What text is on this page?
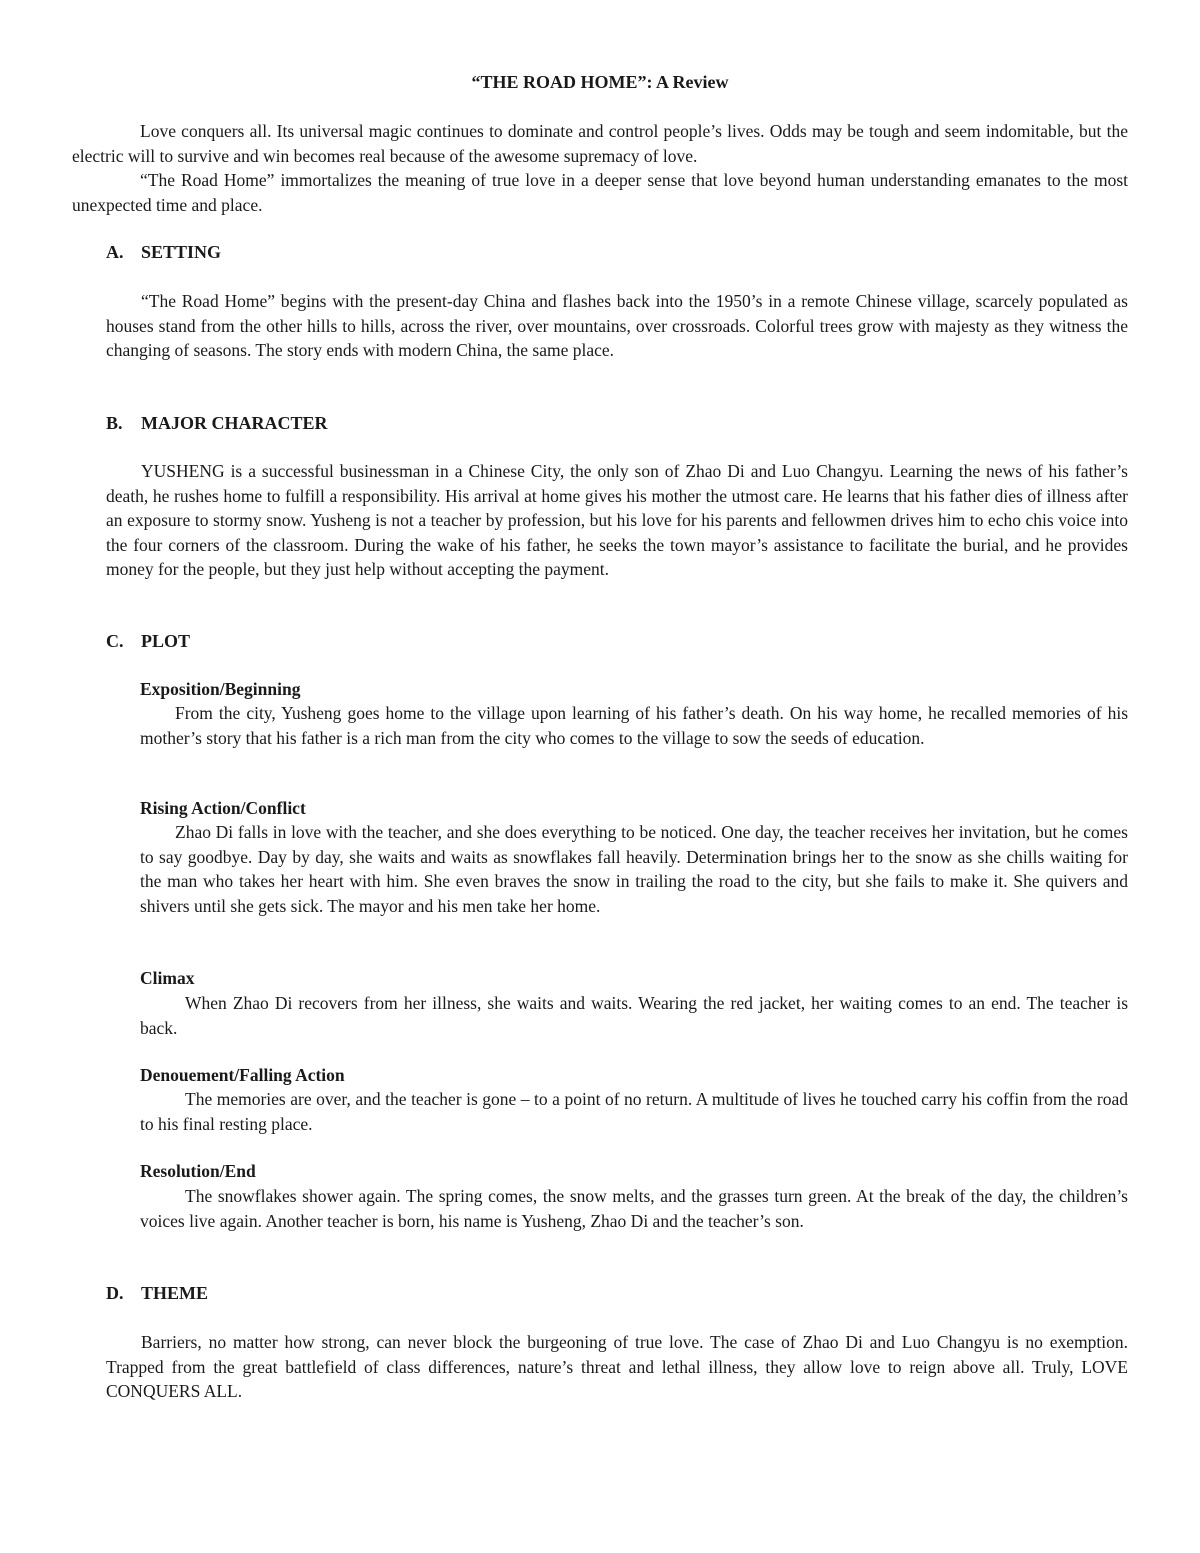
“THE ROAD HOME”: A Review

Love conquers all. Its universal magic continues to dominate and control people’s lives. Odds may be tough and seem indomitable, but the electric will to survive and win becomes real because of the awesome supremacy of love.

“The Road Home” immortalizes the meaning of true love in a deeper sense that love beyond human understanding emanates to the most unexpected time and place.

A. SETTING

“The Road Home” begins with the present-day China and flashes back into the 1950’s in a remote Chinese village, scarcely populated as houses stand from the other hills to hills, across the river, over mountains, over crossroads. Colorful trees grow with majesty as they witness the changing of seasons. The story ends with modern China, the same place.

B. MAJOR CHARACTER

YUSHENG is a successful businessman in a Chinese City, the only son of Zhao Di and Luo Changyu. Learning the news of his father’s death, he rushes home to fulfill a responsibility. His arrival at home gives his mother the utmost care. He learns that his father dies of illness after an exposure to stormy snow. Yusheng is not a teacher by profession, but his love for his parents and fellowmen drives him to echo chis voice into the four corners of the classroom. During the wake of his father, he seeks the town mayor’s assistance to facilitate the burial, and he provides money for the people, but they just help without accepting the payment.

C. PLOT
Exposition/Beginning

From the city, Yusheng goes home to the village upon learning of his father’s death. On his way home, he recalled memories of his mother’s story that his father is a rich man from the city who comes to the village to sow the seeds of education.

Rising Action/Conflict

Zhao Di falls in love with the teacher, and she does everything to be noticed. One day, the teacher receives her invitation, but he comes to say goodbye. Day by day, she waits and waits as snowflakes fall heavily. Determination brings her to the snow as she chills waiting for the man who takes her heart with him. She even braves the snow in trailing the road to the city, but she fails to make it. She quivers and shivers until she gets sick. The mayor and his men take her home.

Climax

When Zhao Di recovers from her illness, she waits and waits. Wearing the red jacket, her waiting comes to an end. The teacher is back.

Denouement/Falling Action

The memories are over, and the teacher is gone – to a point of no return. A multitude of lives he touched carry his coffin from the road to his final resting place.

Resolution/End

The snowflakes shower again. The spring comes, the snow melts, and the grasses turn green. At the break of the day, the children’s voices live again. Another teacher is born, his name is Yusheng, Zhao Di and the teacher’s son.

D. THEME

Barriers, no matter how strong, can never block the burgeoning of true love. The case of Zhao Di and Luo Changyu is no exemption. Trapped from the great battlefield of class differences, nature’s threat and lethal illness, they allow love to reign above all. Truly, LOVE CONQUERS ALL.
